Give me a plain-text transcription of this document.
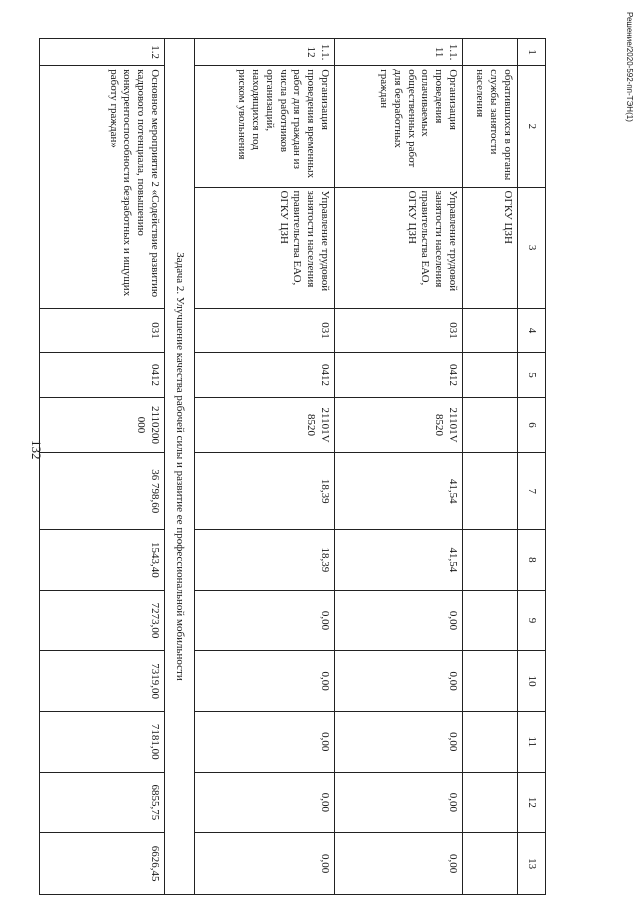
132
1	2	3	4	5	6	7	8	9	10	11	12	13
	обратившихся в органы службы занятости населения	ОГКУ ЦЗН										
1.1.11	Организация проведения оплачиваемых общественных работ для безработных граждан	Управление трудовой занятости населения правительства ЕАО, ОГКУ ЦЗН	031	0412	21101V 8520	41,54	41,54	0,00	0,00	0,00	0,00	0,00
1.1.12	Организация проведения временных работ для граждан из числа работников организаций, находящихся под риском увольнения	Управление трудовой занятости населения правительства ЕАО, ОГКУ ЦЗН	031	0412	21101V 8520	18,39	18,39	0,00	0,00	0,00	0,00	0,00
Задача 2. Улучшение качества рабочей силы и развитие ее профессиональной мобильности												
1.2	Основное мероприятие 2 «Содействие развитию кадрового потенциала, повышению конкурентоспособности безработных и ищущих работу граждан»		031	0412	2110200 000	36 798,60	1543,40	7273,00	7319,00	7181,00	6855,75	6626,45
Решение/2020-592-пп-ТЭН(1)
